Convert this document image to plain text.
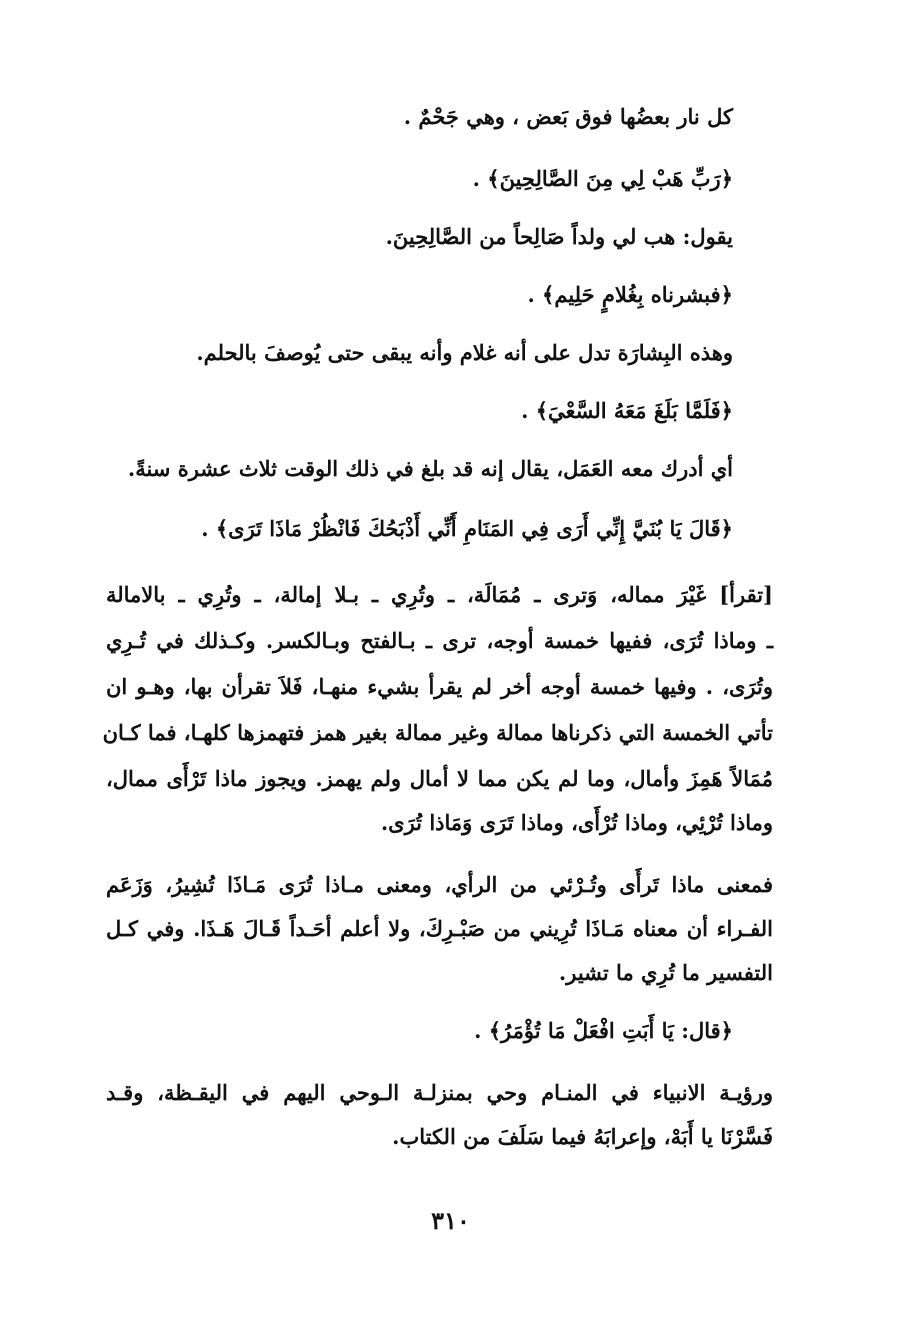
كل نار بعضُها فوق بَعض ، وهي جَحْمٌ .
﴿رَبِّ هَبْ لِي مِنَ الصَّالِحِينَ﴾ .
يقول: هب لي ولداً صَالِحاً من الصَّالِحِينَ.
﴿فبشرناه بِغُلامٍ حَلِيم﴾ .
وهذه البِشارَة تدل على أنه غلام وأنه يبقى حتى يُوصفَ بالحلم.
﴿فَلَمَّا بَلَغَ مَعَهُ السَّعْيَ﴾ .
أي أدرك معه العَمَل، يقال إنه قد بلغ في ذلك الوقت ثلاث عشرة سنةً.
﴿قَالَ يَا بُنَيَّ إِنِّي أَرَى فِي المَنَامِ أَنِّي أَذْبَحُكَ فَانْظُرْ مَاذَا تَرَى﴾ .
[تقرأ] غَيْرَ مماله، وَترى ـ مُمَالَة، ـ وتُرِي ـ بـلا إمالة، ـ وتُرِي ـ بالامالة
ـ وماذا تُرَى، ففيها خمسة أوجه، ترى ـ بـالفتح وبـالكسر. وكـذلك في تُـرِي
وتُرَى، . وفيها خمسة أوجه أخر لم يقرأ بشيء منهـا، فَلاَ تقرأن بها، وهـو ان
تأتي الخمسة التي ذكرناها ممالة وغير ممالة بغير همز فتهمزها كلهـا، فما كـان
مُمَالاً هَمِزَ وأمال، وما لم يكن مما لا أمال ولم يهمز. ويجوز ماذا تَرْأَى ممال،
وماذا تُرْئِي، وماذا تُرْأَى، وماذا تَرَى وَمَاذا تُرَى.
فمعنى ماذا تَرأَى وتُـرْئي من الرأي، ومعنى مـاذا تُرَى مَـاذَا تُشِيرُ، وَزَعَم
الفـراء أن معناه مَـاذَا تُرِيني من صَبْـرِكَ، ولا أعلم أحَـداً قَـالَ هَـذَا. وفي كـل
التفسير ما تُرِي ما تشير.
﴿قال: يَا أَبَتِ افْعَلْ مَا تُؤْمَرُ﴾ .
ورؤيـة الانبياء في المنـام وحي بمنزلـة الـوحي اليهم في اليقـظة، وقـد
فَسَّرْنَا يا أَبَهْ، وإعرابَهُ فيما سَلَفَ من الكتاب.
٣١٠
